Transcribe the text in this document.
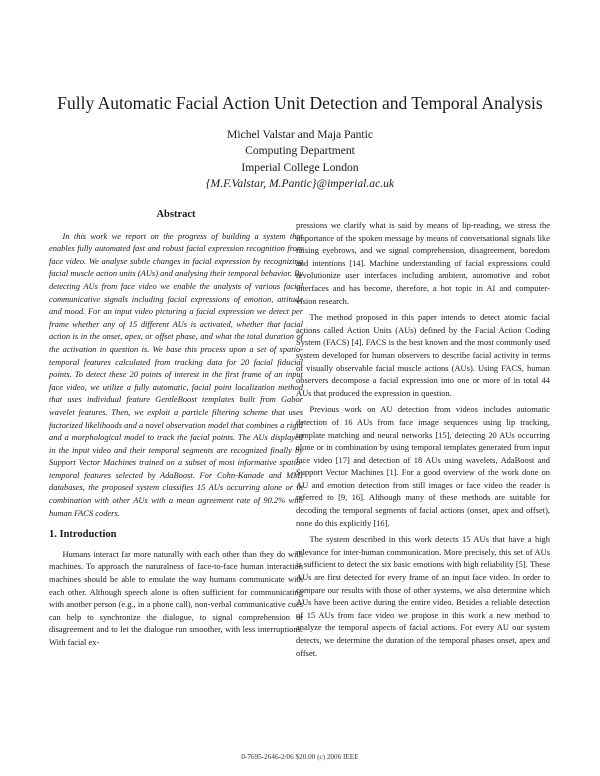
Fully Automatic Facial Action Unit Detection and Temporal Analysis
Michel Valstar and Maja Pantic
Computing Department
Imperial College London
{M.F.Valstar, M.Pantic}@imperial.ac.uk
Abstract

In this work we report on the progress of building a system that enables fully automated fast and robust facial expression recognition from face video. We analyse subtle changes in facial expression by recognizing facial muscle action units (AUs) and analysing their temporal behavior. By detecting AUs from face video we enable the analysis of various facial communicative signals including facial expressions of emotion, attitude and mood. For an input video picturing a facial expression we detect per frame whether any of 15 different AUs is activated, whether that facial action is in the onset, apex, or offset phase, and what the total duration of the activation in question is. We base this process upon a set of spatio-temporal features calculated from tracking data for 20 facial fiducial points. To detect these 20 points of interest in the first frame of an input face video, we utilize a fully automatic, facial point localization method that uses individual feature GentleBoost templates built from Gabor wavelet features. Then, we exploit a particle filtering scheme that uses factorized likelihoods and a novel observation model that combines a rigid and a morphological model to track the facial points. The AUs displayed in the input video and their temporal segments are recognized finally by Support Vector Machines trained on a subset of most informative spatio-temporal features selected by AdaBoost. For Cohn-Kanade and MMI databases, the proposed system classifies 15 AUs occurring alone or in combination with other AUs with a mean agreement rate of 90.2% with human FACS coders.

1. Introduction

Humans interact far more naturally with each other than they do with machines. To approach the naturalness of face-to-face human interaction machines should be able to emulate the way humans communicate with each other. Although speech alone is often sufficient for communicating with another person (e.g., in a phone call), non-verbal communicative cues can help to synchronize the dialogue, to signal comprehension or disagreement and to let the dialogue run smoother, with less interruptions. With facial ex-

pressions we clarify what is said by means of lip-reading, we stress the importance of the spoken message by means of conversational signals like raising eyebrows, and we signal comprehension, disagreement, boredom and intentions [14]. Machine understanding of facial expressions could revolutionize user interfaces including ambient, automotive and robot interfaces and has become, therefore, a hot topic in AI and computer-vision research.

The method proposed in this paper intends to detect atomic facial actions called Action Units (AUs) defined by the Facial Action Coding System (FACS) [4]. FACS is the best known and the most commonly used system developed for human observers to describe facial activity in terms of visually observable facial muscle actions (AUs). Using FACS, human observers decompose a facial expression into one or more of in total 44 AUs that produced the expression in question.

Previous work on AU detection from videos includes automatic detection of 16 AUs from face image sequences using lip tracking, template matching and neural networks [15], detecting 20 AUs occurring alone or in combination by using temporal templates generated from input face video [17] and detection of 18 AUs using wavelets, AdaBoost and Support Vector Machines [1]. For a good overview of the work done on AU and emotion detection from still images or face video the reader is referred to [9, 16]. Although many of these methods are suitable for decoding the temporal segments of facial actions (onset, apex and offset), none do this explicitly [16].

The system described in this work detects 15 AUs that have a high relevance for inter-human communication. More precisely, this set of AUs is sufficient to detect the six basic emotions with high reliability [5]. These AUs are first detected for every frame of an input face video. In order to compare our results with those of other systems, we also determine which AUs have been active during the entire video. Besides a reliable detection of 15 AUs from face video we propose in this work a new method to analyze the temporal aspects of facial actions. For every AU our system detects, we determine the duration of the temporal phases onset, apex and offset.

0-7695-2646-2/06 $20.00 (c) 2006 IEEE
